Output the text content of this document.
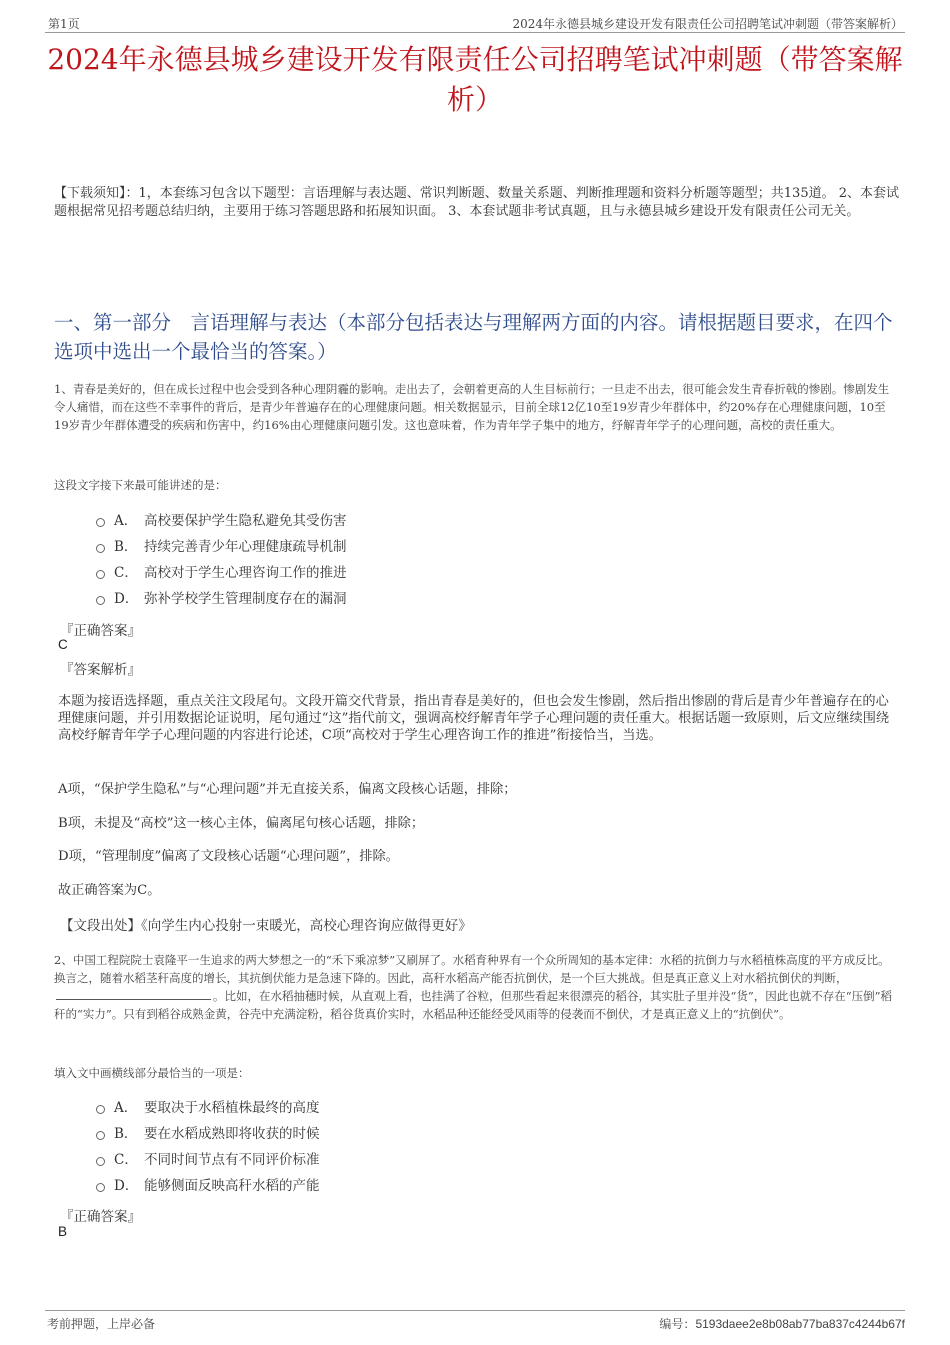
第1页	2024年永德县城乡建设开发有限责任公司招聘笔试冲刺题（带答案解析）
2024年永德县城乡建设开发有限责任公司招聘笔试冲刺题（带答案解析）
【下载须知】：1，本套练习包含以下题型：言语理解与表达题、常识判断题、数量关系题、判断推理题和资料分析题等题型；共135道。 2、本套试题根据常见招考题总结归纳，主要用于练习答题思路和拓展知识面。 3、本套试题非考试真题，且与永德县城乡建设开发有限责任公司无关。
一、第一部分　言语理解与表达（本部分包括表达与理解两方面的内容。请根据题目要求，在四个选项中选出一个最恰当的答案。）
1、青春是美好的，但在成长过程中也会受到各种心理阴霾的影响。走出去了，会朝着更高的人生目标前行；一旦走不出去，很可能会发生青春折戟的惨剧。惨剧发生令人痛惜，而在这些不幸事件的背后，是青少年普遍存在的心理健康问题。相关数据显示，目前全球12亿10至19岁青少年群体中，约20%存在心理健康问题，10至19岁青少年群体遭受的疾病和伤害中，约16%由心理健康问题引发。这也意味着，作为青年学子集中的地方，纾解青年学子的心理问题，高校的责任重大。
这段文字接下来最可能讲述的是：
A． 高校要保护学生隐私避免其受伤害
B． 持续完善青少年心理健康疏导机制
C． 高校对于学生心理咨询工作的推进
D． 弥补学校学生管理制度存在的漏洞
『正确答案』
C
『答案解析』
本题为接语选择题，重点关注文段尾句。文段开篇交代背景，指出青春是美好的，但也会发生惨剧，然后指出惨剧的背后是青少年普遍存在的心理健康问题，并引用数据论证说明，尾句通过“这”指代前文，强调高校纾解青年学子心理问题的责任重大。根据话题一致原则，后文应继续围绕高校纾解青年学子心理问题的内容进行论述，C项“高校对于学生心理咨询工作的推进”衔接恰当，当选。
A项，“保护学生隐私”与“心理问题”并无直接关系，偏离文段核心话题，排除；
B项，未提及“高校”这一核心主体，偏离尾句核心话题，排除；
D项，“管理制度”偏离了文段核心话题“心理问题”，排除。
故正确答案为C。
【文段出处】《向学生内心投射一束暖光，高校心理咨询应做得更好》
2、中国工程院院士袁隆平一生追求的两大梦想之一的“禾下乘凉梦”又刷屏了。水稻育种界有一个众所周知的基本定律：水稻的抗倒力与水稻植株高度的平方成反比。换言之，随着水稻茎秆高度的增长，其抗倒伏能力是急速下降的。因此，高秆水稻高产能否抗倒伏，是一个巨大挑战。但是真正意义上对水稻抗倒伏的判断，。比如，在水稻抽穗时候，从直观上看，也挂满了谷粒，但那些看起来很漂亮的稻谷，其实肚子里并没“货”，因此也就不存在“压倒”稻秆的“实力”。只有到稻谷成熟金黄，谷壳中充满淀粉，稻谷货真价实时，水稻品种还能经受风雨等的侵袭而不倒伏，才是真正意义上的“抗倒伏”。
填入文中画横线部分最恰当的一项是：
A． 要取决于水稻植株最终的高度
B． 要在水稻成熟即将收获的时候
C． 不同时间节点有不同评价标准
D． 能够侧面反映高秆水稻的产能
『正确答案』
B
考前押题，上岸必备	编号：5193daee2e8b08ab77ba837c4244b67f
